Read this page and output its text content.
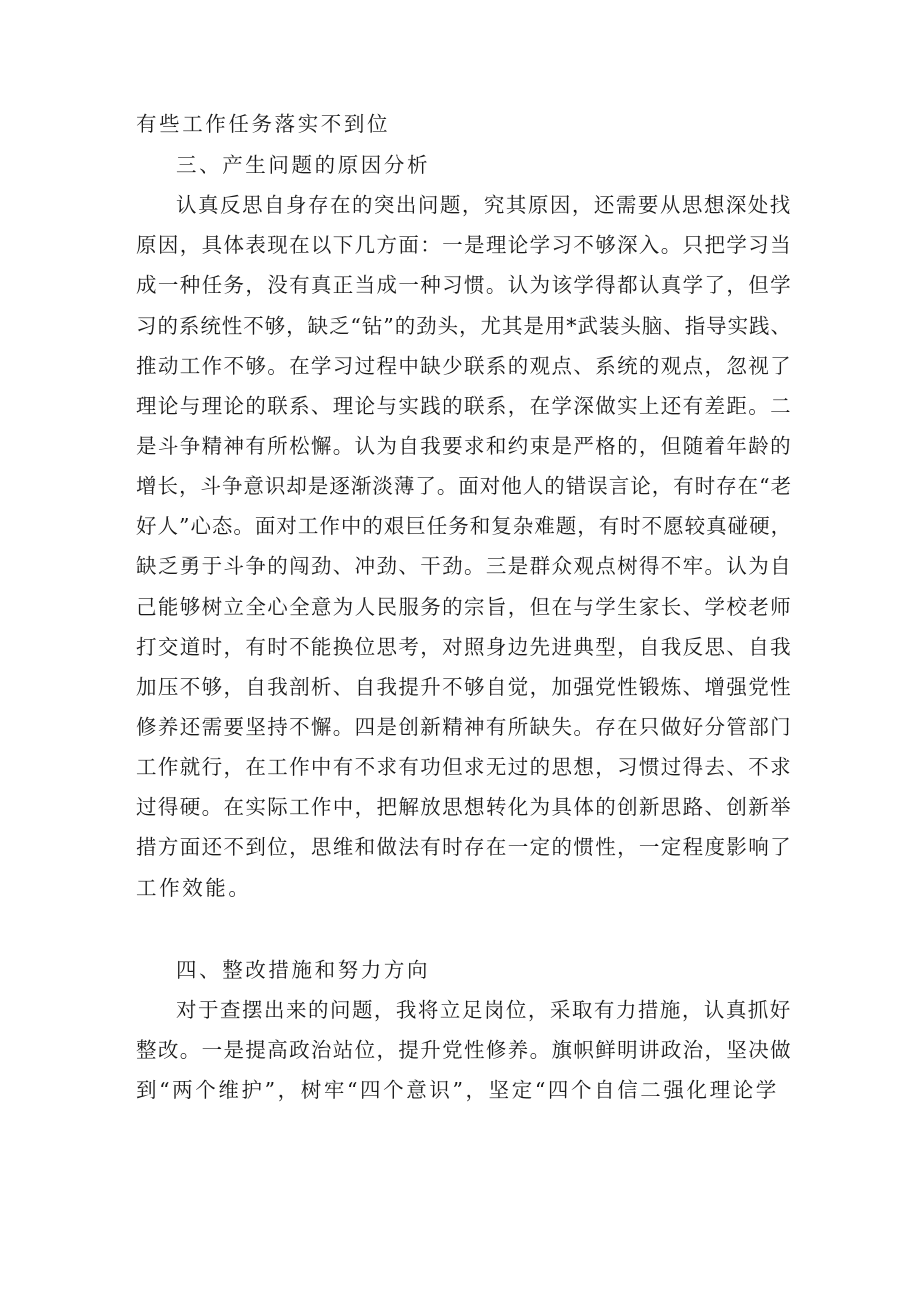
有些工作任务落实不到位
三、产生问题的原因分析
认真反思自身存在的突出问题，究其原因，还需要从思想深处找
原因，具体表现在以下几方面：一是理论学习不够深入。只把学习当
成一种任务，没有真正当成一种习惯。认为该学得都认真学了，但学
习的系统性不够，缺乏“钻”的劲头，尤其是用*武装头脑、指导实践、
推动工作不够。在学习过程中缺少联系的观点、系统的观点，忽视了
理论与理论的联系、理论与实践的联系，在学深做实上还有差距。二
是斗争精神有所松懈。认为自我要求和约束是严格的，但随着年龄的
增长，斗争意识却是逐渐淡薄了。面对他人的错误言论，有时存在“老
好人”心态。面对工作中的艰巨任务和复杂难题，有时不愿较真碰硬，
缺乏勇于斗争的闯劲、冲劲、干劲。三是群众观点树得不牢。认为自
己能够树立全心全意为人民服务的宗旨，但在与学生家长、学校老师
打交道时，有时不能换位思考，对照身边先进典型，自我反思、自我
加压不够，自我剖析、自我提升不够自觉，加强党性锻炼、增强党性
修养还需要坚持不懈。四是创新精神有所缺失。存在只做好分管部门
工作就行，在工作中有不求有功但求无过的思想，习惯过得去、不求
过得硬。在实际工作中，把解放思想转化为具体的创新思路、创新举
措方面还不到位，思维和做法有时存在一定的惯性，一定程度影响了
工作效能。
四、整改措施和努力方向
对于查摆出来的问题，我将立足岗位，采取有力措施，认真抓好
整改。一是提高政治站位，提升党性修养。旗帜鲜明讲政治，坚决做
到“两个维护”，树牢“四个意识”，坚定“四个自信二强化理论学
